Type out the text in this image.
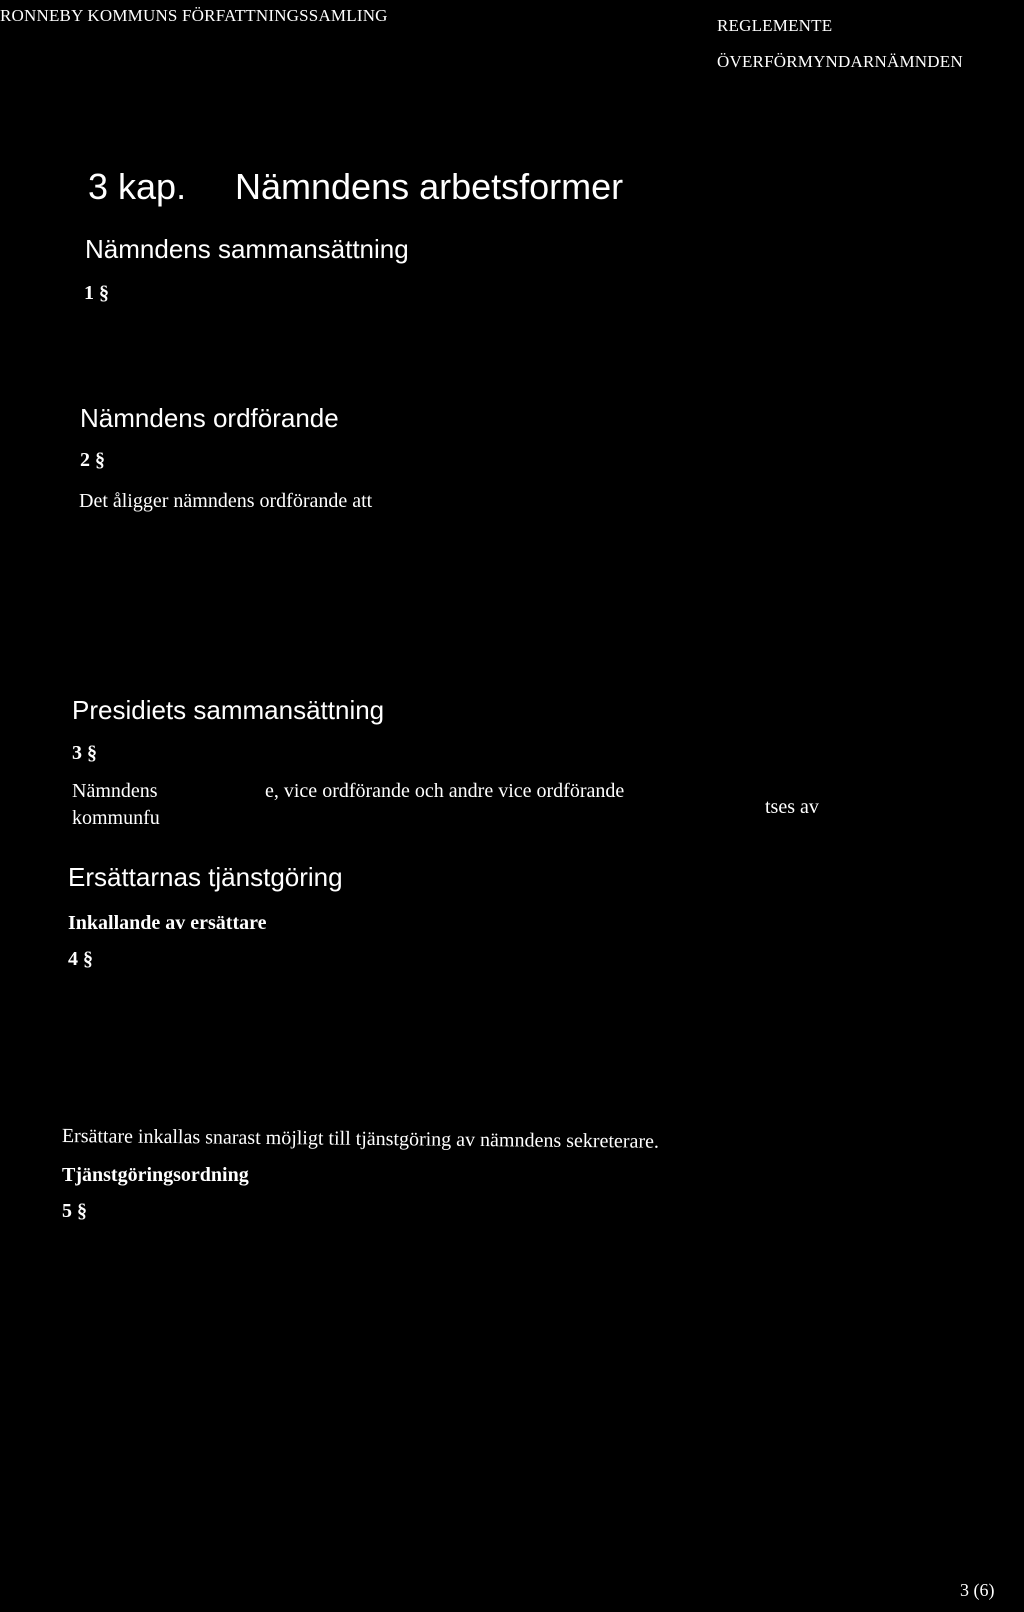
RONNEBY KOMMUNS FÖRFATTNINGSSAMLING
REGLEMENTE
ÖVERFÖRMYNDARNÄMNDEN
3 kap. Nämndens arbetsformer
Nämndens sammansättning
1 §
Nämndens ordförande
2 §
Det åligger nämndens ordförande att
Presidiets sammansättning
3 §
Nämndens	e, vice ordförande och andre vice ordförande
tses av
kommunfu
Ersättarnas tjänstgöring
Inkallande av ersättare
4 §
Ersättare inkallas snarast möjligt till tjänstgöring av nämndens sekreterare.
Tjänstgöringsordning
5 §
3 (6)
